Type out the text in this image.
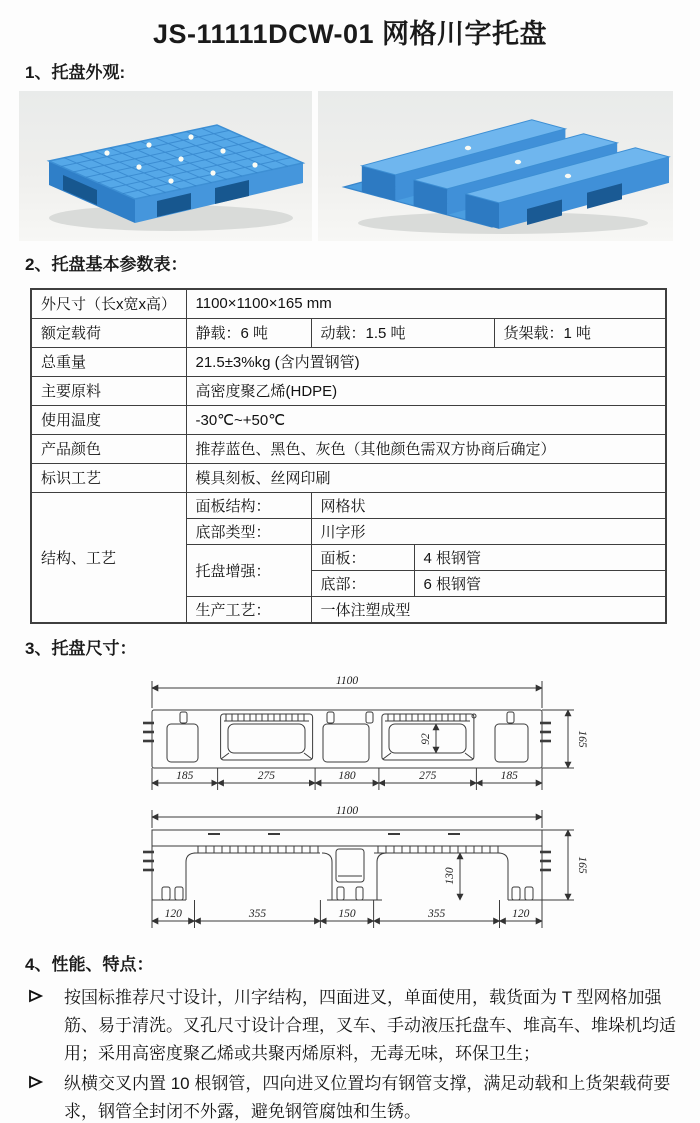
JS-11111DCW-01 网格川字托盘
1、托盘外观:
2、托盘基本参数表：
外尺寸（长x宽x高）	1100×1100×165 mm			
额定载荷	静载：6 吨	动载：1.5 吨		货架载：1 吨
总重量	21.5±3%kg (含内置钢管)			
主要原料	高密度聚乙烯(HDPE)			
使用温度	-30℃~+50℃			
产品颜色	推荐蓝色、黑色、灰色（其他颜色需双方协商后确定）			
标识工艺	模具刻板、丝网印刷			
结构、工艺	面板结构：	网格状		
	底部类型：	川字形		
	托盘增强：	面板：	4 根钢管	
		底部：	6 根钢管	
	生产工艺：	一体注塑成型		
3、托盘尺寸：
1100
185	275	180	275	185
92	165
1100
120	355	150	355	120
130
165
4、性能、特点：
按国标推荐尺寸设计，川字结构，四面进叉，单面使用，载货面为 T 型网格加强筋、易于清洗。叉孔尺寸设计合理，叉车、手动液压托盘车、堆高车、堆垛机均适用；采用高密度聚乙烯或共聚丙烯原料，无毒无味，环保卫生；
纵横交叉内置 10 根钢管，四向进叉位置均有钢管支撑，满足动载和上货架载荷要求，钢管全封闭不外露，避免钢管腐蚀和生锈。
